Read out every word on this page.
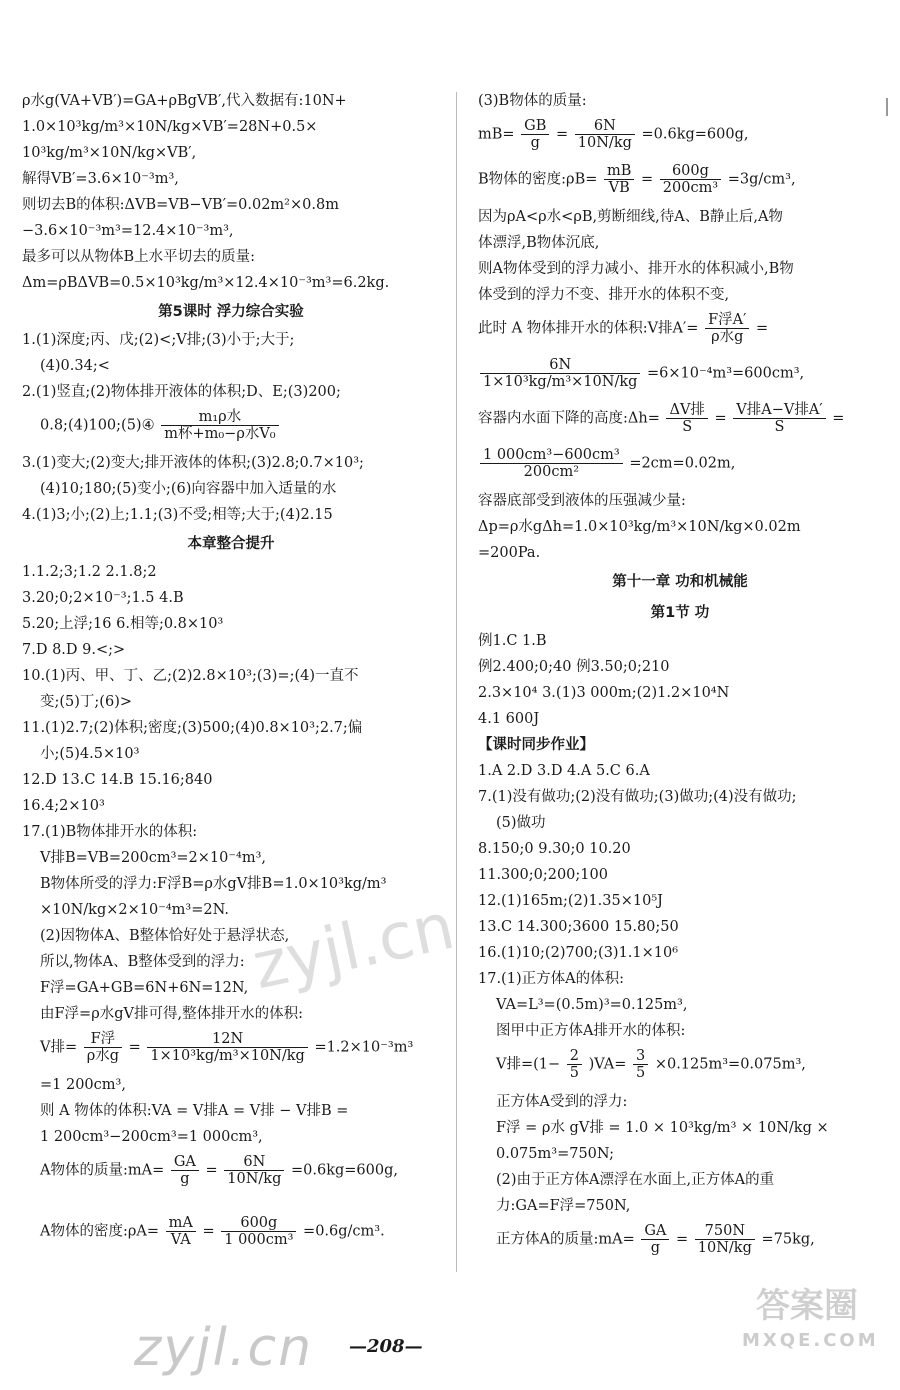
ρ水g(VA+VB′)=GA+ρBgVB′,代入数据有:10N+
1.0×10³kg/m³×10N/kg×VB′=28N+0.5×
10³kg/m³×10N/kg×VB′,
解得VB′=3.6×10⁻³m³,
则切去B的体积:ΔVB=VB−VB′=0.02m²×0.8m
−3.6×10⁻³m³=12.4×10⁻³m³,
最多可以从物体B上水平切去的质量:
Δm=ρBΔVB=0.5×10³kg/m³×12.4×10⁻³m³=6.2kg.
第5课时 浮力综合实验
1.(1)深度;丙、戊;(2)<;V排;(3)小于;大于;
(4)0.34;<
2.(1)竖直;(2)物体排开液体的体积;D、E;(3)200;
0.8;(4)100;(5)④ $\frac{\text{m₁ρ水}}{\text{m杯+m₀−ρ水V₀}}$
3.(1)变大;(2)变大;排开液体的体积;(3)2.8;0.7×10³;
(4)10;180;(5)变小;(6)向容器中加入适量的水
4.(1)3;小;(2)上;1.1;(3)不受;相等;大于;(4)2.15
本章整合提升
1.1.2;3;1.2 2.1.8;2
3.20;0;2×10⁻³;1.5 4.B
5.20;上浮;16 6.相等;0.8×10³
7.D 8.D 9.<;>
10.(1)丙、甲、丁、乙;(2)2.8×10³;(3)=;(4)一直不
变;(5)丁;(6)>
11.(1)2.7;(2)体积;密度;(3)500;(4)0.8×10³;2.7;偏
小;(5)4.5×10³
12.D 13.C 14.B 15.16;840
16.4;2×10³
17.(1)B物体排开水的体积:
V排B=VB=200cm³=2×10⁻⁴m³,
B物体所受的浮力:F浮B=ρ水gV排B=1.0×10³kg/m³
×10N/kg×2×10⁻⁴m³=2N.
(2)因物体A、B整体恰好处于悬浮状态,
所以,物体A、B整体受到的浮力:
F浮=GA+GB=6N+6N=12N,
由F浮=ρ水gV排可得,整体排开水的体积:
V排= $\frac{\text{F浮}}{\text{ρ水g}} = \frac{12N}{\text{1×10³kg/m³×10N/kg}} =1.2\times 10^{-3}m^3$
=1 200cm³,
则 A 物体的体积:VA = V排A = V排 − V排B =
1 200cm³−200cm³=1 000cm³,
A物体的质量:mA= $\frac{GA}{g} = \frac{6N}{10N/kg} =0.6kg=600g$,
A物体的密度:ρA= $\frac{mA}{VA} = \frac{600g}{\text{1 000cm³}} =0.6g/cm^3$.
(3)B物体的质量:
$mB= \frac{GB}{g} = \frac{6N}{10N/kg} =0.6kg=600g$,
B物体的密度:ρB= $\frac{mB}{VB} = \frac{600g}{\text{200cm³}} =3g/cm^3$,
因为ρA<ρ水<ρB,剪断细线,待A、B静止后,A物
体漂浮,B物体沉底,
则A物体受到的浮力减小、排开水的体积减小,B物
体受到的浮力不变、排开水的体积不变,
此时 A 物体排开水的体积:V排$A'= \frac{\text{F浮A′}}{\text{ρ水g}}$ =
$\frac{6N}{\text{1×10³kg/m³×10N/kg}} =6\times 10^{-4}m^3=600cm^3$,
容器内水面下降的高度:Δh= $\frac{\text{ΔV排}}{S} = \frac{\text{V排A−V排A′}}{S}$ =
$\frac{\text{1 000cm³−600cm³}}{\text{200cm²}} =2cm=0.02m$,
容器底部受到液体的压强减少量:
Δp=ρ水gΔh=1.0×10³kg/m³×10N/kg×0.02m
=200Pa.
第十一章 功和机械能
第1节 功
例1.C 1.B
例2.400;0;40 例3.50;0;210
2.3×10⁴ 3.(1)3 000m;(2)1.2×10⁴N
4.1 600J
【课时同步作业】
1.A 2.D 3.D 4.A 5.C 6.A
7.(1)没有做功;(2)没有做功;(3)做功;(4)没有做功;
(5)做功
8.150;0 9.30;0 10.20
11.300;0;200;100
12.(1)165m;(2)1.35×10⁵J
13.C 14.300;3600 15.80;50
16.(1)10;(2)700;(3)1.1×10⁶
17.(1)正方体A的体积:
VA=L³=(0.5m)³=0.125m³,
图甲中正方体A排开水的体积:
V排$=(1- \frac{2}{5} )VA= \frac{3}{5} \times 0.125m^3=0.075m^3$,
正方体A受到的浮力:
F浮 = ρ水 gV排 = 1.0 × 10³kg/m³ × 10N/kg ×
0.075m³=750N;
(2)由于正方体A漂浮在水面上,正方体A的重
力:GA=F浮=750N,
正方体A的质量:mA= $\frac{GA}{g} = \frac{750N}{10N/kg} =75kg$,
zyjl.cn
zyjl.cn —208—
答案圈
MXQE.COM
